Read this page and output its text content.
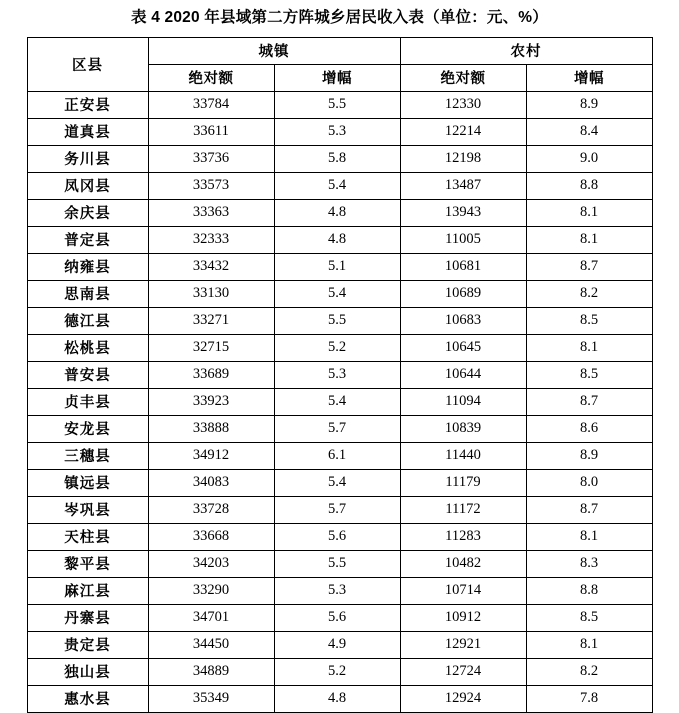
表 4 2020 年县域第二方阵城乡居民收入表（单位：元、%）
区县	城镇		农村	
	绝对额	增幅	绝对额	增幅
正安县	33784	5.5	12330	8.9
道真县	33611	5.3	12214	8.4
务川县	33736	5.8	12198	9.0
凤冈县	33573	5.4	13487	8.8
余庆县	33363	4.8	13943	8.1
普定县	32333	4.8	11005	8.1
纳雍县	33432	5.1	10681	8.7
思南县	33130	5.4	10689	8.2
德江县	33271	5.5	10683	8.5
松桃县	32715	5.2	10645	8.1
普安县	33689	5.3	10644	8.5
贞丰县	33923	5.4	11094	8.7
安龙县	33888	5.7	10839	8.6
三穗县	34912	6.1	11440	8.9
镇远县	34083	5.4	11179	8.0
岑巩县	33728	5.7	11172	8.7
天柱县	33668	5.6	11283	8.1
黎平县	34203	5.5	10482	8.3
麻江县	33290	5.3	10714	8.8
丹寨县	34701	5.6	10912	8.5
贵定县	34450	4.9	12921	8.1
独山县	34889	5.2	12724	8.2
惠水县	35349	4.8	12924	7.8
